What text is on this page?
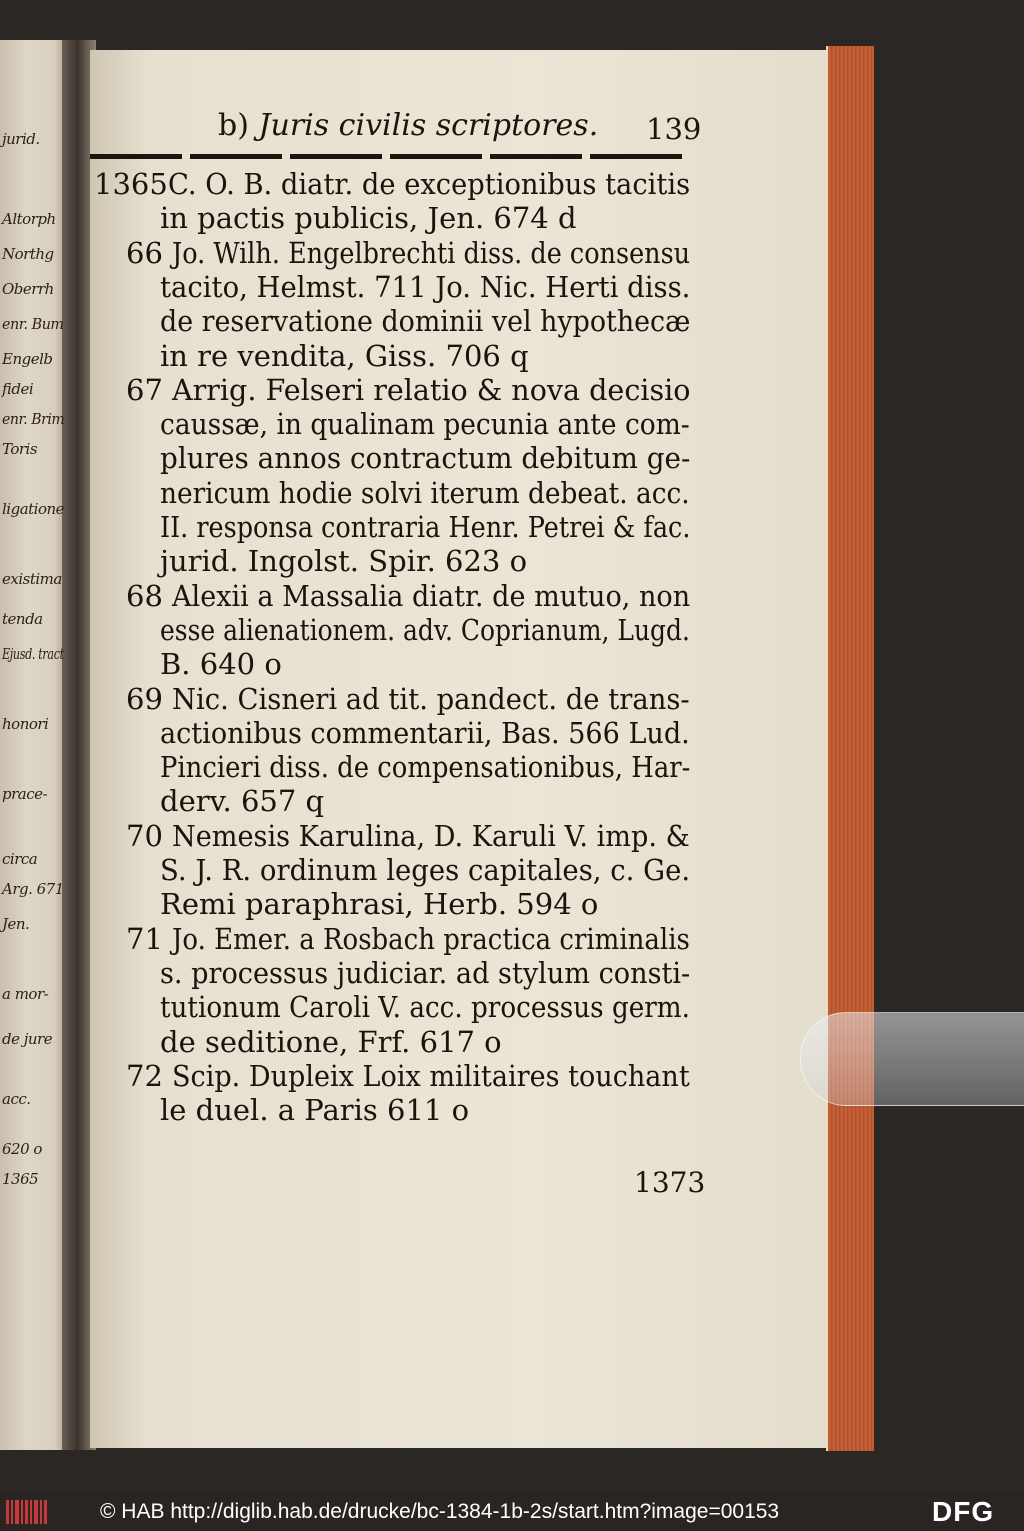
jurid.
Altorph
Northg
Oberrh
enr. Bum
Engelb
fidei
enr. Brim
Toris
ligatione
existima
tenda
Ejusd. tract
honori
prace-
circa
Arg. 671
Jen.
a mor-
de jure
acc.
620 o
1365
b) Juris civilis scriptores. 139
1365 C. O. B. diatr. de exceptionibus tacitis
in pactis publicis, Jen. 674 d
66 Jo. Wilh. Engelbrechti diss. de consensu
tacito, Helmst. 711 Jo. Nic. Herti diss.
de reservatione dominii vel hypothecæ
in re vendita, Giss. 706 q
67 Arrig. Felseri relatio & nova decisio
caussæ, in qualinam pecunia ante com-
plures annos contractum debitum ge-
nericum hodie solvi iterum debeat. acc.
II. responsa contraria Henr. Petrei & fac.
jurid. Ingolst. Spir. 623 o
68 Alexii a Massalia diatr. de mutuo, non
esse alienationem. adv. Coprianum, Lugd.
B. 640 o
69 Nic. Cisneri ad tit. pandect. de trans-
actionibus commentarii, Bas. 566 Lud.
Pincieri diss. de compensationibus, Har-
derv. 657 q
70 Nemesis Karulina, D. Karuli V. imp. &
S. J. R. ordinum leges capitales, c. Ge.
Remi paraphrasi, Herb. 594 o
71 Jo. Emer. a Rosbach practica criminalis
s. processus judiciar. ad stylum consti-
tutionum Caroli V. acc. processus germ.
de seditione, Frf. 617 o
72 Scip. Dupleix Loix militaires touchant
le duel. a Paris 611 o
1373
© HAB http://diglib.hab.de/drucke/bc-1384-1b-2s/start.htm?image=00153	DFG
